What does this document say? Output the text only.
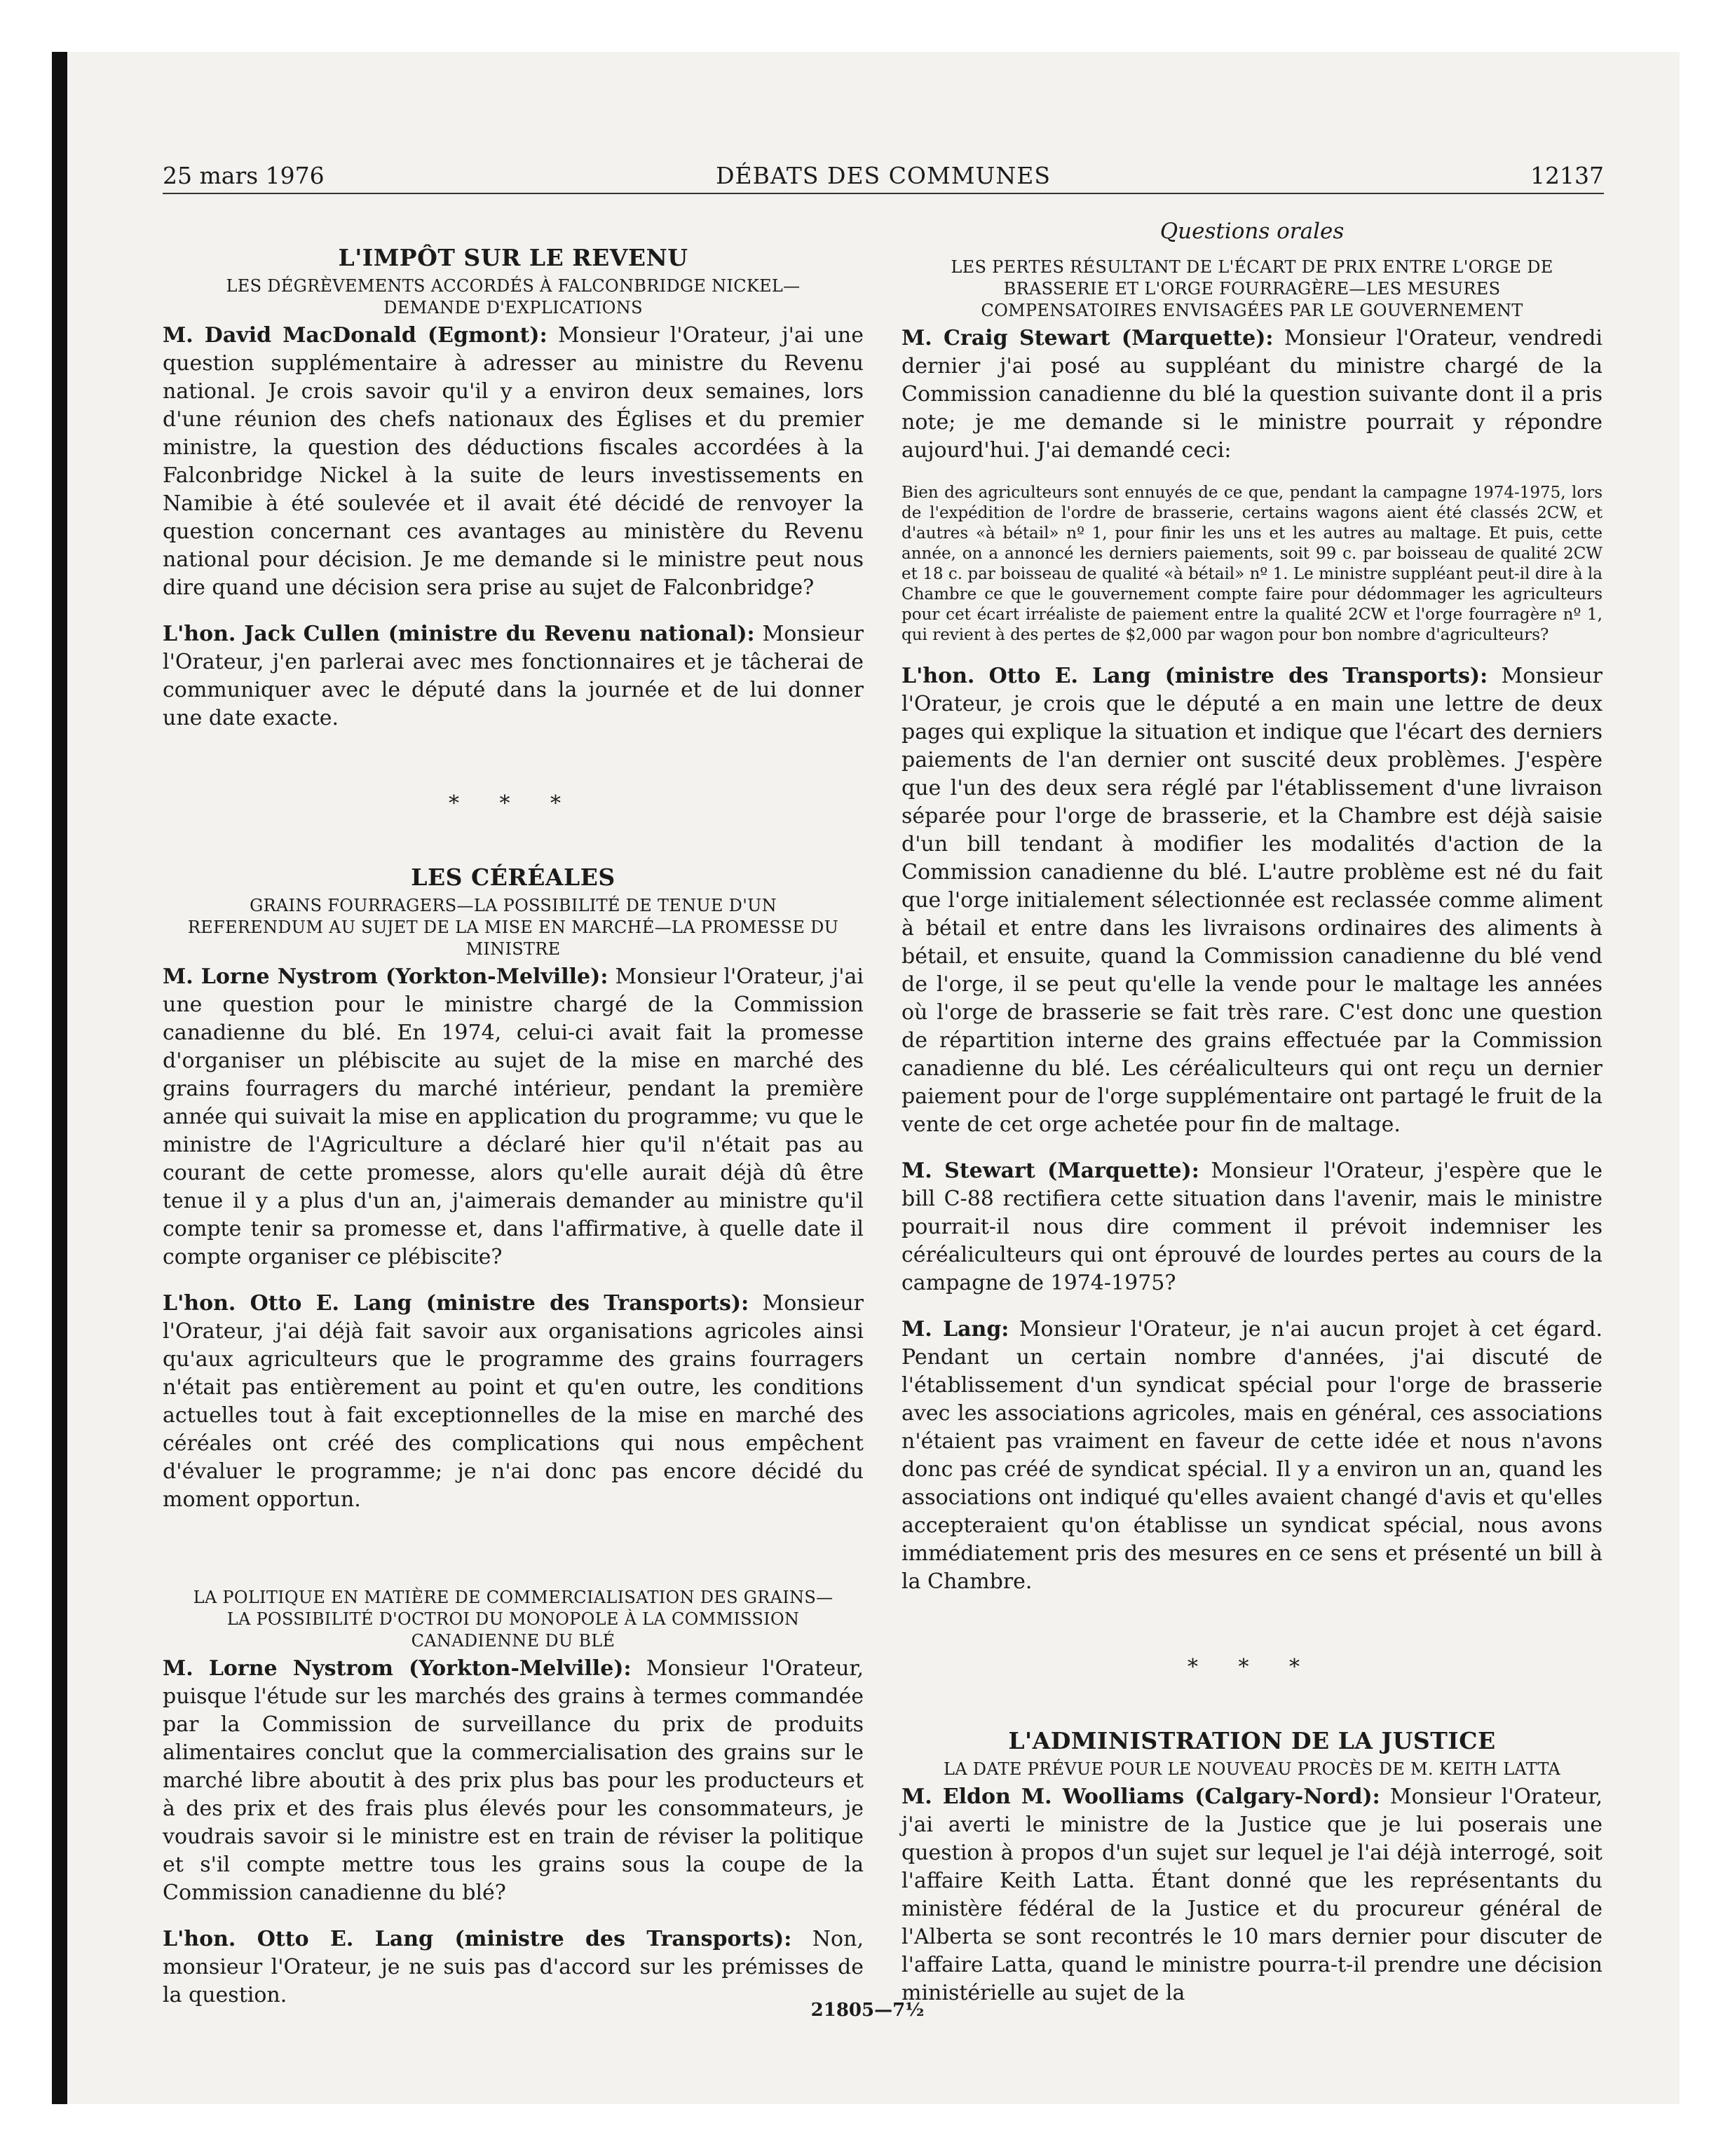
25 mars 1976	DÉBATS DES COMMUNES	12137
L'IMPÔT SUR LE REVENU
LES DÉGRÈVEMENTS ACCORDÉS À FALCONBRIDGE NICKEL—DEMANDE D'EXPLICATIONS

M. David MacDonald (Egmont): Monsieur l'Orateur, j'ai une question supplémentaire à adresser au ministre du Revenu national. Je crois savoir qu'il y a environ deux semaines, lors d'une réunion des chefs nationaux des Églises et du premier ministre, la question des déductions fiscales accordées à la Falconbridge Nickel à la suite de leurs investissements en Namibie à été soulevée et il avait été décidé de renvoyer la question concernant ces avantages au ministère du Revenu national pour décision. Je me demande si le ministre peut nous dire quand une décision sera prise au sujet de Falconbridge?

L'hon. Jack Cullen (ministre du Revenu national): Monsieur l'Orateur, j'en parlerai avec mes fonctionnaires et je tâcherai de communiquer avec le député dans la journée et de lui donner une date exacte.

* * *
LES CÉRÉALES
GRAINS FOURRAGERS—LA POSSIBILITÉ DE TENUE D'UN REFERENDUM AU SUJET DE LA MISE EN MARCHÉ—LA PROMESSE DU MINISTRE

M. Lorne Nystrom (Yorkton-Melville): Monsieur l'Orateur, j'ai une question pour le ministre chargé de la Commission canadienne du blé. En 1974, celui-ci avait fait la promesse d'organiser un plébiscite au sujet de la mise en marché des grains fourragers du marché intérieur, pendant la première année qui suivait la mise en application du programme; vu que le ministre de l'Agriculture a déclaré hier qu'il n'était pas au courant de cette promesse, alors qu'elle aurait déjà dû être tenue il y a plus d'un an, j'aimerais demander au ministre qu'il compte tenir sa promesse et, dans l'affirmative, à quelle date il compte organiser ce plébiscite?

L'hon. Otto E. Lang (ministre des Transports): Monsieur l'Orateur, j'ai déjà fait savoir aux organisations agricoles ainsi qu'aux agriculteurs que le programme des grains fourragers n'était pas entièrement au point et qu'en outre, les conditions actuelles tout à fait exceptionnelles de la mise en marché des céréales ont créé des complications qui nous empêchent d'évaluer le programme; je n'ai donc pas encore décidé du moment opportun.

LA POLITIQUE EN MATIÈRE DE COMMERCIALISATION DES GRAINS—LA POSSIBILITÉ D'OCTROI DU MONOPOLE À LA COMMISSION CANADIENNE DU BLÉ

M. Lorne Nystrom (Yorkton-Melville): Monsieur l'Orateur, puisque l'étude sur les marchés des grains à termes commandée par la Commission de surveillance du prix de produits alimentaires conclut que la commercialisation des grains sur le marché libre aboutit à des prix plus bas pour les producteurs et à des prix et des frais plus élevés pour les consommateurs, je voudrais savoir si le ministre est en train de réviser la politique et s'il compte mettre tous les grains sous la coupe de la Commission canadienne du blé?

L'hon. Otto E. Lang (ministre des Transports): Non, monsieur l'Orateur, je ne suis pas d'accord sur les prémisses de la question.

Questions orales
LES PERTES RÉSULTANT DE L'ÉCART DE PRIX ENTRE L'ORGE DE BRASSERIE ET L'ORGE FOURRAGÈRE—LES MESURES COMPENSATOIRES ENVISAGÉES PAR LE GOUVERNEMENT

M. Craig Stewart (Marquette): Monsieur l'Orateur, vendredi dernier j'ai posé au suppléant du ministre chargé de la Commission canadienne du blé la question suivante dont il a pris note; je me demande si le ministre pourrait y répondre aujourd'hui. J'ai demandé ceci:

Bien des agriculteurs sont ennuyés de ce que, pendant la campagne 1974-1975, lors de l'expédition de l'ordre de brasserie, certains wagons aient été classés 2CW, et d'autres «à bétail» nº 1, pour finir les uns et les autres au maltage. Et puis, cette année, on a annoncé les derniers paiements, soit 99 c. par boisseau de qualité 2CW et 18 c. par boisseau de qualité «à bétail» nº 1. Le ministre suppléant peut-il dire à la Chambre ce que le gouvernement compte faire pour dédommager les agriculteurs pour cet écart irréaliste de paiement entre la qualité 2CW et l'orge fourragère nº 1, qui revient à des pertes de $2,000 par wagon pour bon nombre d'agriculteurs?

L'hon. Otto E. Lang (ministre des Transports): Monsieur l'Orateur, je crois que le député a en main une lettre de deux pages qui explique la situation et indique que l'écart des derniers paiements de l'an dernier ont suscité deux problèmes. J'espère que l'un des deux sera réglé par l'établissement d'une livraison séparée pour l'orge de brasserie, et la Chambre est déjà saisie d'un bill tendant à modifier les modalités d'action de la Commission canadienne du blé. L'autre problème est né du fait que l'orge initialement sélectionnée est reclassée comme aliment à bétail et entre dans les livraisons ordinaires des aliments à bétail, et ensuite, quand la Commission canadienne du blé vend de l'orge, il se peut qu'elle la vende pour le maltage les années où l'orge de brasserie se fait très rare. C'est donc une question de répartition interne des grains effectuée par la Commission canadienne du blé. Les céréaliculteurs qui ont reçu un dernier paiement pour de l'orge supplémentaire ont partagé le fruit de la vente de cet orge achetée pour fin de maltage.

M. Stewart (Marquette): Monsieur l'Orateur, j'espère que le bill C-88 rectifiera cette situation dans l'avenir, mais le ministre pourrait-il nous dire comment il prévoit indemniser les céréaliculteurs qui ont éprouvé de lourdes pertes au cours de la campagne de 1974-1975?

M. Lang: Monsieur l'Orateur, je n'ai aucun projet à cet égard. Pendant un certain nombre d'années, j'ai discuté de l'établissement d'un syndicat spécial pour l'orge de brasserie avec les associations agricoles, mais en général, ces associations n'étaient pas vraiment en faveur de cette idée et nous n'avons donc pas créé de syndicat spécial. Il y a environ un an, quand les associations ont indiqué qu'elles avaient changé d'avis et qu'elles accepteraient qu'on établisse un syndicat spécial, nous avons immédiatement pris des mesures en ce sens et présenté un bill à la Chambre.

* * *
L'ADMINISTRATION DE LA JUSTICE
LA DATE PRÉVUE POUR LE NOUVEAU PROCÈS DE M. KEITH LATTA

M. Eldon M. Woolliams (Calgary-Nord): Monsieur l'Orateur, j'ai averti le ministre de la Justice que je lui poserais une question à propos d'un sujet sur lequel je l'ai déjà interrogé, soit l'affaire Keith Latta. Étant donné que les représentants du ministère fédéral de la Justice et du procureur général de l'Alberta se sont recontrés le 10 mars dernier pour discuter de l'affaire Latta, quand le ministre pourra-t-il prendre une décision ministérielle au sujet de la

21805—7½
